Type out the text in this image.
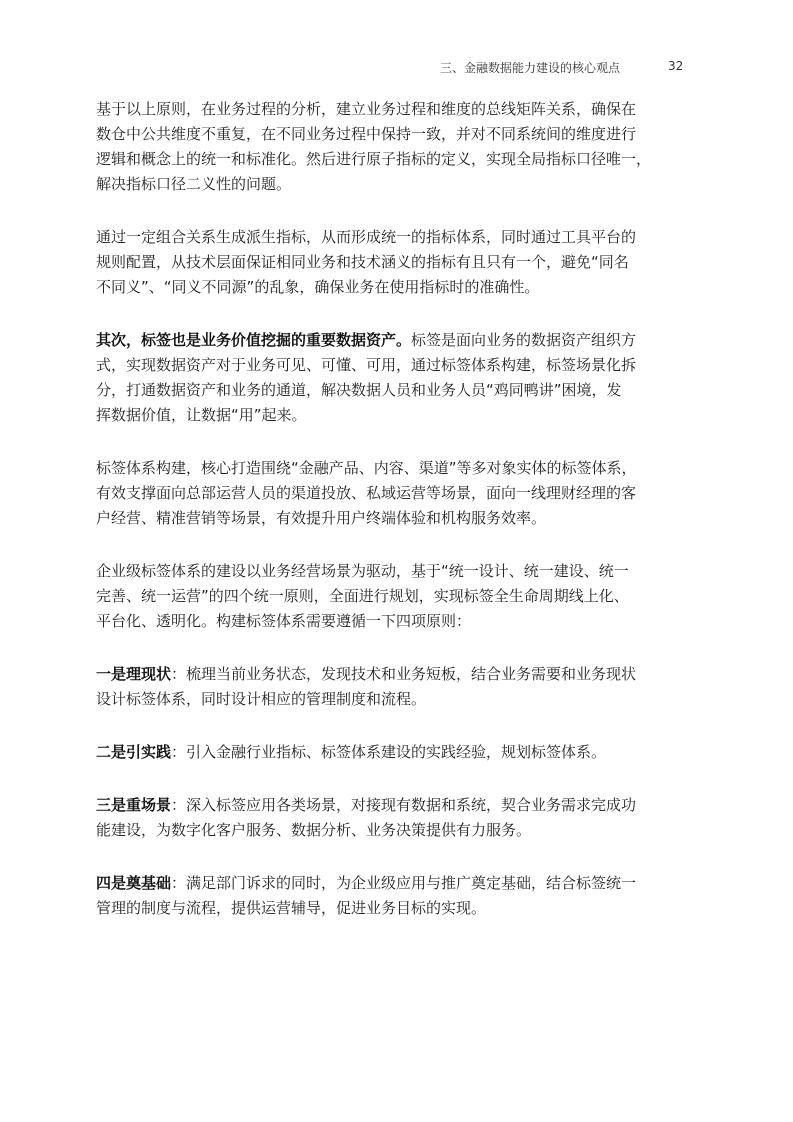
三、金融数据能力建设的核心观点	32

基于以上原则，在业务过程的分析，建立业务过程和维度的总线矩阵关系，确保在
数仓中公共维度不重复，在不同业务过程中保持一致，并对不同系统间的维度进行
逻辑和概念上的统一和标准化。然后进行原子指标的定义，实现全局指标口径唯一，
解决指标口径二义性的问题。

通过一定组合关系生成派生指标，从而形成统一的指标体系，同时通过工具平台的
规则配置，从技术层面保证相同业务和技术涵义的指标有且只有一个，避免“同名
不同义”、“同义不同源”的乱象，确保业务在使用指标时的准确性。

其次，标签也是业务价值挖掘的重要数据资产。标签是面向业务的数据资产组织方
式，实现数据资产对于业务可见、可懂、可用，通过标签体系构建，标签场景化拆
分，打通数据资产和业务的通道，解决数据人员和业务人员“鸡同鸭讲”困境，发
挥数据价值，让数据“用”起来。

标签体系构建，核心打造围绕“金融产品、内容、渠道”等多对象实体的标签体系，
有效支撑面向总部运营人员的渠道投放、私域运营等场景，面向一线理财经理的客
户经营、精准营销等场景，有效提升用户终端体验和机构服务效率。

企业级标签体系的建设以业务经营场景为驱动，基于“统一设计、统一建设、统一
完善、统一运营”的四个统一原则，全面进行规划，实现标签全生命周期线上化、
平台化、透明化。构建标签体系需要遵循一下四项原则：

一是理现状：梳理当前业务状态，发现技术和业务短板，结合业务需要和业务现状
设计标签体系，同时设计相应的管理制度和流程。

二是引实践：引入金融行业指标、标签体系建设的实践经验，规划标签体系。

三是重场景：深入标签应用各类场景，对接现有数据和系统，契合业务需求完成功
能建设，为数字化客户服务、数据分析、业务决策提供有力服务。

四是奠基础：满足部门诉求的同时，为企业级应用与推广奠定基础，结合标签统一
管理的制度与流程，提供运营辅导，促进业务目标的实现。
